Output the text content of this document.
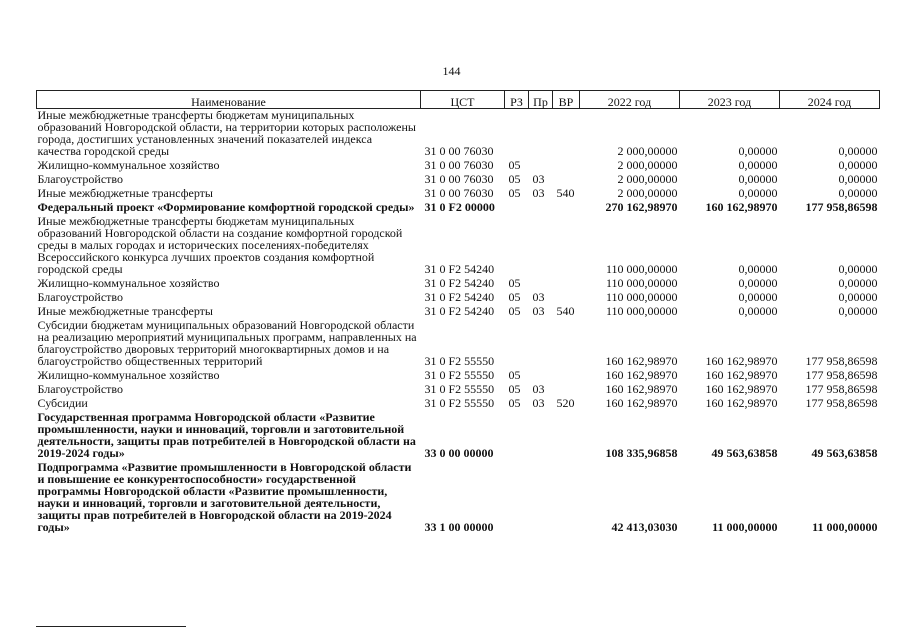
144
Наименование	ЦСТ	РЗ	Пр	ВР	2022 год	2023 год	2024 год
Иные межбюджетные трансферты бюджетам муниципальных образований Новгородской области, на территории которых расположены города, достигших установленных значений показателей индекса качества городской среды	31 0 00 76030				2 000,00000	0,00000	0,00000
Жилищно-коммунальное хозяйство	31 0 00 76030	05			2 000,00000	0,00000	0,00000
Благоустройство	31 0 00 76030	05	03		2 000,00000	0,00000	0,00000
Иные межбюджетные трансферты	31 0 00 76030	05	03	540	2 000,00000	0,00000	0,00000
Федеральный проект «Формирование комфортной городской среды»	31 0 F2 00000				270 162,98970	160 162,98970	177 958,86598
Иные межбюджетные трансферты бюджетам муниципальных образований Новгородской области на создание комфортной городской среды в малых городах и исторических поселениях-победителях Всероссийского конкурса лучших проектов создания комфортной городской среды	31 0 F2 54240				110 000,00000	0,00000	0,00000
Жилищно-коммунальное хозяйство	31 0 F2 54240	05			110 000,00000	0,00000	0,00000
Благоустройство	31 0 F2 54240	05	03		110 000,00000	0,00000	0,00000
Иные межбюджетные трансферты	31 0 F2 54240	05	03	540	110 000,00000	0,00000	0,00000
Субсидии бюджетам муниципальных образований Новгородской области на реализацию мероприятий муниципальных программ, направленных на благоустройство дворовых территорий многоквартирных домов и на благоустройство общественных территорий	31 0 F2 55550				160 162,98970	160 162,98970	177 958,86598
Жилищно-коммунальное хозяйство	31 0 F2 55550	05			160 162,98970	160 162,98970	177 958,86598
Благоустройство	31 0 F2 55550	05	03		160 162,98970	160 162,98970	177 958,86598
Субсидии	31 0 F2 55550	05	03	520	160 162,98970	160 162,98970	177 958,86598
Государственная программа Новгородской области «Развитие промышленности, науки и инноваций, торговли и заготовительной деятельности, защиты прав потребителей в Новгородской области на 2019-2024 годы»	33 0 00 00000				108 335,96858	49 563,63858	49 563,63858
Подпрограмма «Развитие промышленности в Новгородской области и повышение ее конкурентоспособности» государственной программы Новгородской области «Развитие промышленности, науки и инноваций, торговли и заготовительной деятельности, защиты прав потребителей в Новгородской области на 2019-2024 годы»	33 1 00 00000				42 413,03030	11 000,00000	11 000,00000
